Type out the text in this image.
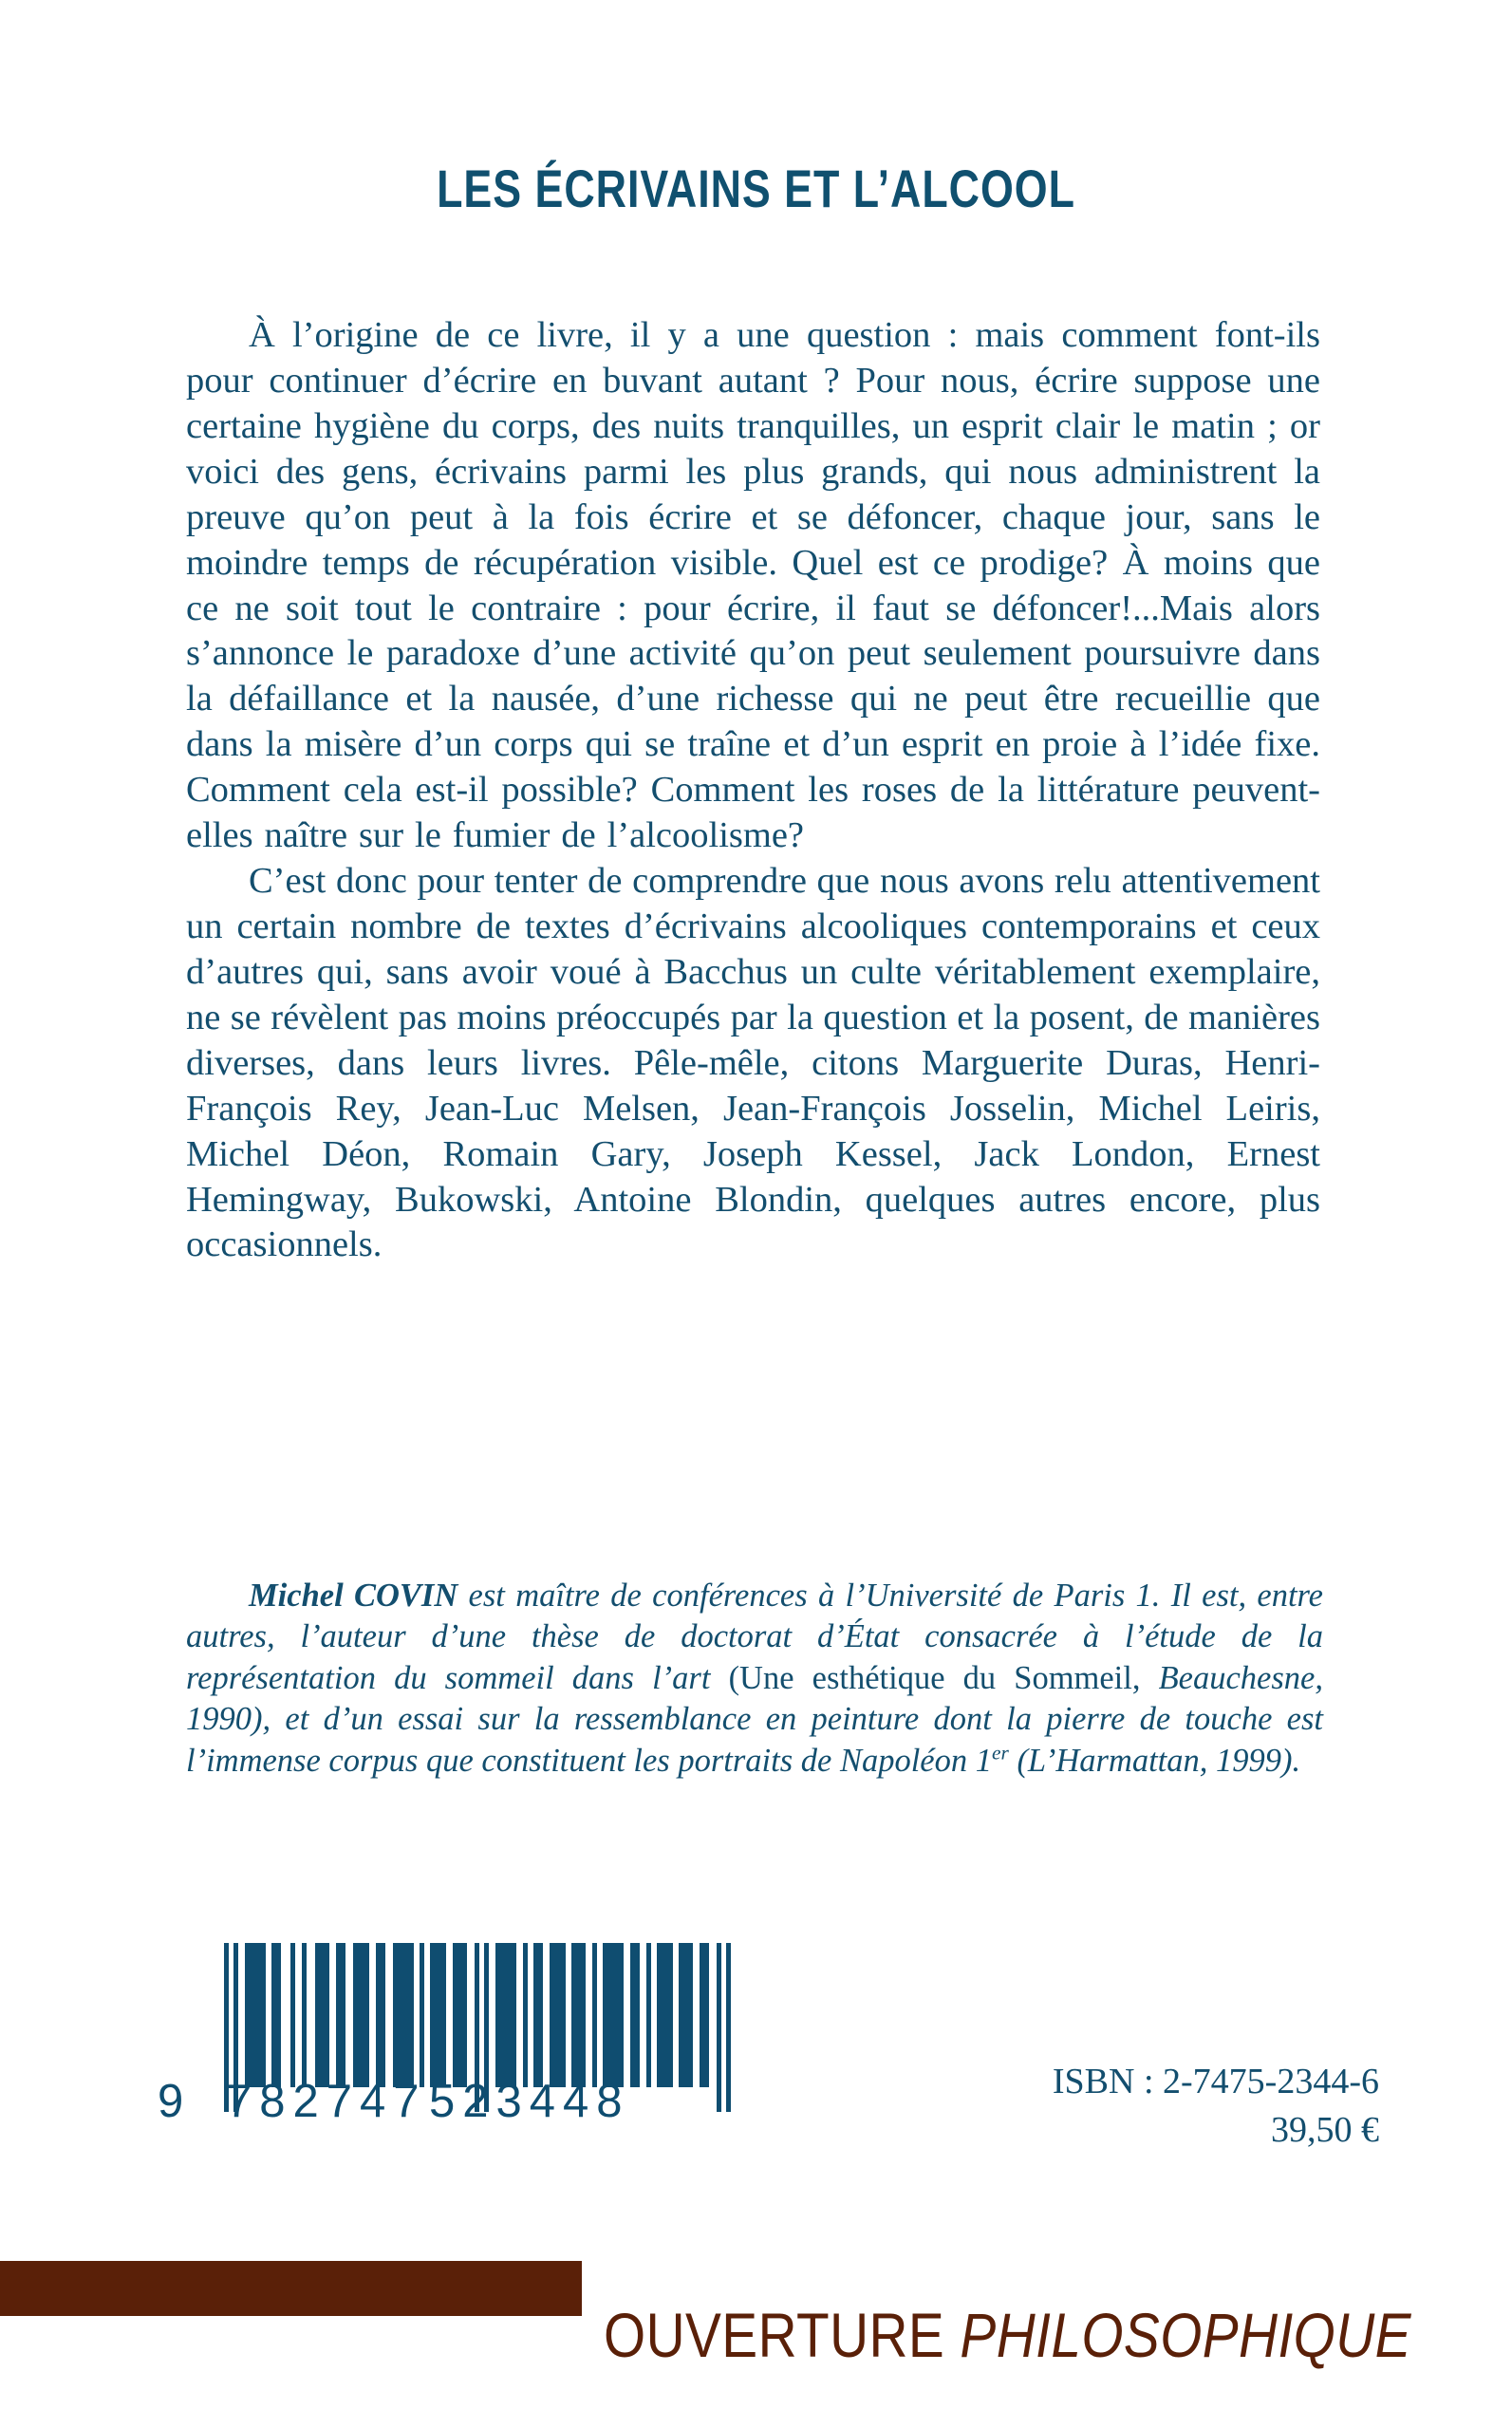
LES ÉCRIVAINS ET L’ALCOOL

À l’origine de ce livre, il y a une question : mais comment font-ils pour continuer d’écrire en buvant autant ? Pour nous, écrire suppose une certaine hygiène du corps, des nuits tranquilles, un esprit clair le matin ; or voici des gens, écrivains parmi les plus grands, qui nous administrent la preuve qu’on peut à la fois écrire et se défoncer, chaque jour, sans le moindre temps de récupération visible. Quel est ce prodige? À moins que ce ne soit tout le contraire : pour écrire, il faut se défoncer!...Mais alors s’annonce le paradoxe d’une activité qu’on peut seulement poursuivre dans la défaillance et la nausée, d’une richesse qui ne peut être recueillie que dans la misère d’un corps qui se traîne et d’un esprit en proie à l’idée fixe. Comment cela est-il possible? Comment les roses de la littérature peuvent-elles naître sur le fumier de l’alcoolisme?

C’est donc pour tenter de comprendre que nous avons relu attentivement un certain nombre de textes d’écrivains alcooliques contemporains et ceux d’autres qui, sans avoir voué à Bacchus un culte véritablement exemplaire, ne se révèlent pas moins préoccupés par la question et la posent, de manières diverses, dans leurs livres. Pêle-mêle, citons Marguerite Duras, Henri-François Rey, Jean-Luc Melsen, Jean-François Josselin, Michel Leiris, Michel Déon, Romain Gary, Joseph Kessel, Jack London, Ernest Hemingway, Bukowski, Antoine Blondin, quelques autres encore, plus occasionnels.

Michel COVIN est maître de conférences à l’Université de Paris 1. Il est, entre autres, l’auteur d’une thèse de doctorat d’État consacrée à l’étude de la représentation du sommeil dans l’art (Une esthétique du Sommeil, Beauchesne, 1990), et d’un essai sur la ressemblance en peinture dont la pierre de touche est l’immense corpus que constituent les portraits de Napoléon 1er (L’Harmattan, 1999).

9 782747 523448	ISBN : 2-7475-2344-6
39,50 €
OUVERTURE PHILOSOPHIQUE
